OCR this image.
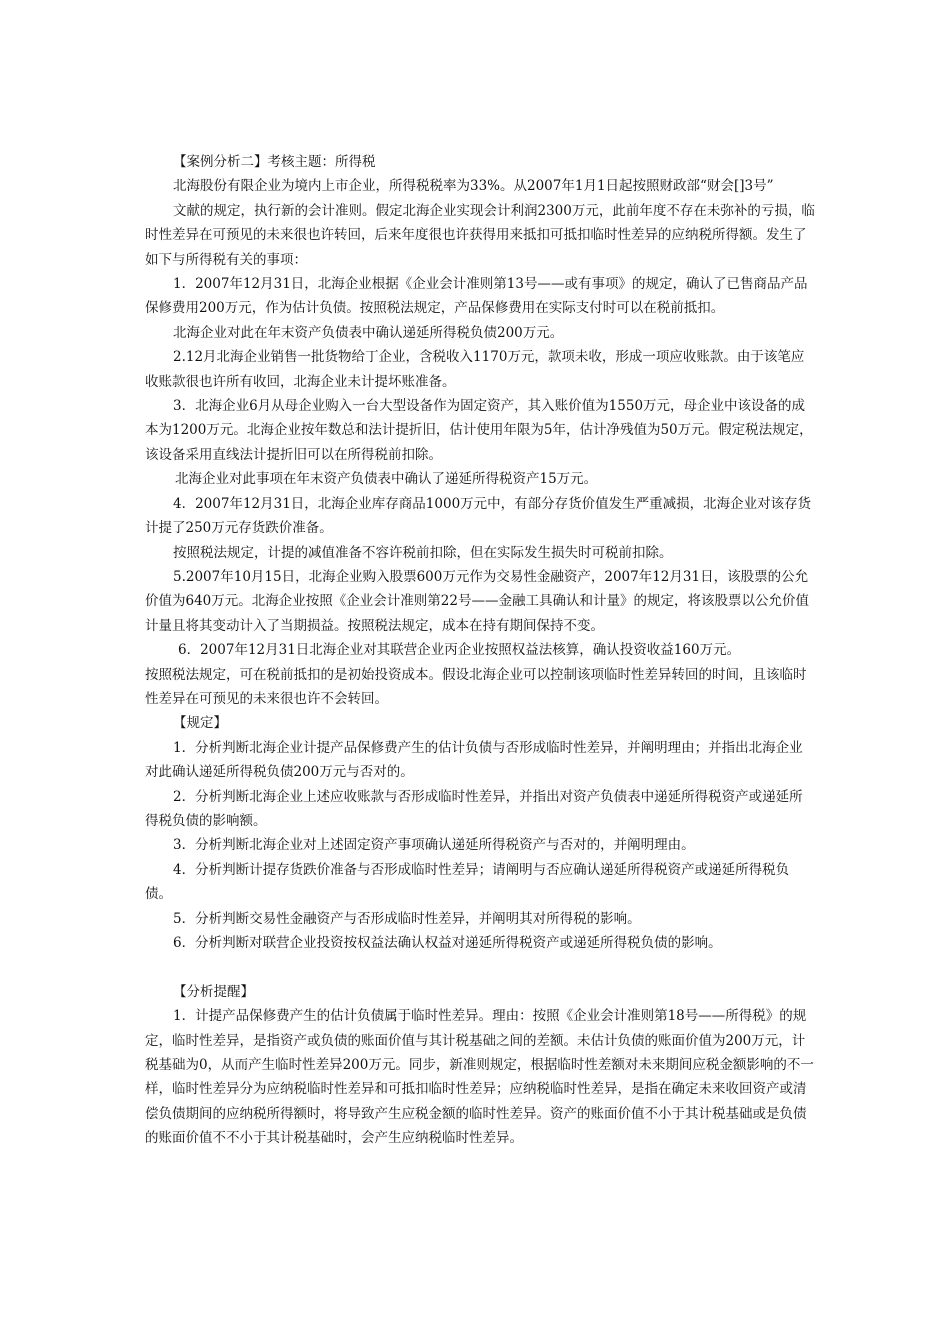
【案例分析二】考核主题：所得税

北海股份有限企业为境内上市企业，所得税税率为33%。从2007年1月1日起按照财政部“财会[]3号”

文献的规定，执行新的会计准则。假定北海企业实现会计利润2300万元，此前年度不存在未弥补的亏损，临时性差异在可预见的未来很也许转回，后来年度很也许获得用来抵扣可抵扣临时性差异的应纳税所得额。发生了如下与所得税有关的事项：

1．2007年12月31日，北海企业根据《企业会计准则第13号——或有事项》的规定，确认了已售商品产品保修费用200万元，作为估计负债。按照税法规定，产品保修费用在实际支付时可以在税前抵扣。

北海企业对此在年末资产负债表中确认递延所得税负债200万元。

2.12月北海企业销售一批货物给丁企业，含税收入1170万元，款项未收，形成一项应收账款。由于该笔应收账款很也许所有收回，北海企业未计提坏账准备。

3．北海企业6月从母企业购入一台大型设备作为固定资产，其入账价值为1550万元，母企业中该设备的成本为1200万元。北海企业按年数总和法计提折旧，估计使用年限为5年，估计净残值为50万元。假定税法规定，该设备采用直线法计提折旧可以在所得税前扣除。

北海企业对此事项在年末资产负债表中确认了递延所得税资产15万元。

4．2007年12月31日，北海企业库存商品1000万元中，有部分存货价值发生严重减损，北海企业对该存货计提了250万元存货跌价准备。

按照税法规定，计提的减值准备不容许税前扣除，但在实际发生损失时可税前扣除。

5.2007年10月15日，北海企业购入股票600万元作为交易性金融资产，2007年12月31日，该股票的公允价值为640万元。北海企业按照《企业会计准则第22号——金融工具确认和计量》的规定，将该股票以公允价值计量且将其变动计入了当期损益。按照税法规定，成本在持有期间保持不变。

6．2007年12月31日北海企业对其联营企业丙企业按照权益法核算，确认投资收益160万元。

按照税法规定，可在税前抵扣的是初始投资成本。假设北海企业可以控制该项临时性差异转回的时间，且该临时性差异在可预见的未来很也许不会转回。

【规定】

1．分析判断北海企业计提产品保修费产生的估计负债与否形成临时性差异，并阐明理由；并指出北海企业对此确认递延所得税负债200万元与否对的。

2．分析判断北海企业上述应收账款与否形成临时性差异，并指出对资产负债表中递延所得税资产或递延所得税负债的影响额。

3．分析判断北海企业对上述固定资产事项确认递延所得税资产与否对的，并阐明理由。

4．分析判断计提存货跌价准备与否形成临时性差异；请阐明与否应确认递延所得税资产或递延所得税负债。

5．分析判断交易性金融资产与否形成临时性差异，并阐明其对所得税的影响。

6．分析判断对联营企业投资按权益法确认权益对递延所得税资产或递延所得税负债的影响。

【分析提醒】

1．计提产品保修费产生的估计负债属于临时性差异。理由：按照《企业会计准则第18号——所得税》的规定，临时性差异，是指资产或负债的账面价值与其计税基础之间的差额。未估计负债的账面价值为200万元，计税基础为0，从而产生临时性差异200万元。同步，新准则规定，根据临时性差额对未来期间应税金额影响的不一样，临时性差异分为应纳税临时性差异和可抵扣临时性差异；应纳税临时性差异，是指在确定未来收回资产或清偿负债期间的应纳税所得额时，将导致产生应税金额的临时性差异。资产的账面价值不小于其计税基础或是负债的账面价值不不小于其计税基础时，会产生应纳税临时性差异。
